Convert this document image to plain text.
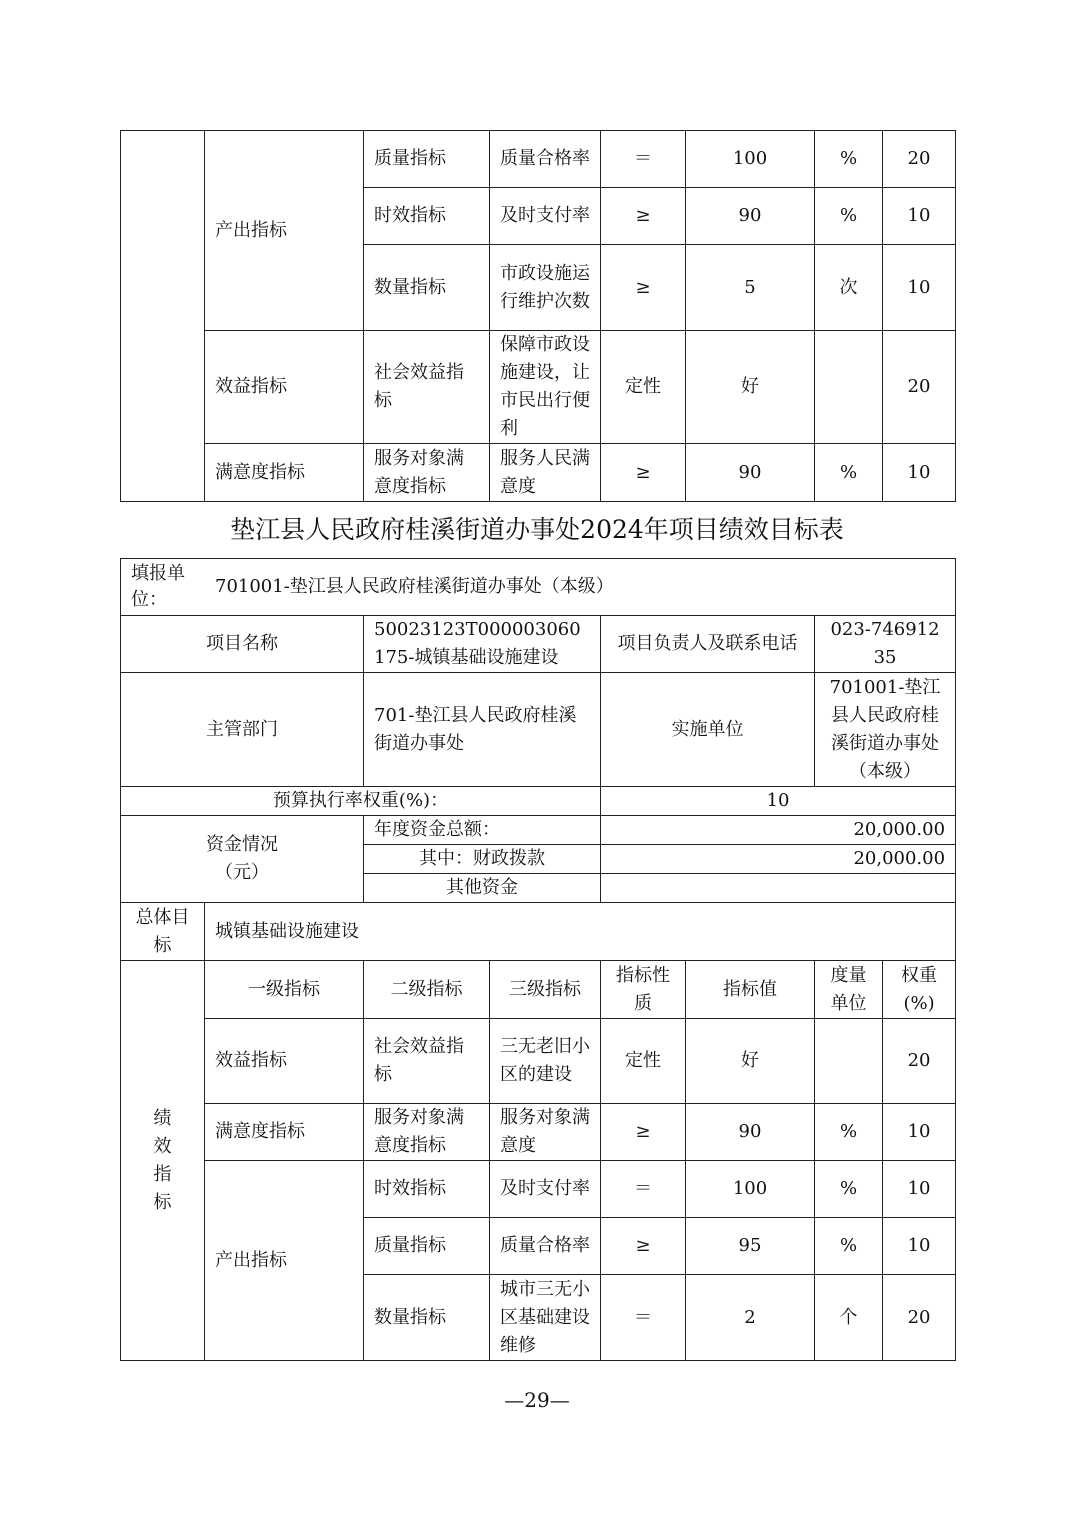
	产出指标	质量指标	质量合格率	＝	100	%	20
		时效指标	及时支付率	≥	90	%	10
		数量指标	市政设施运行维护次数	≥	5	次	10
	效益指标	社会效益指标	保障市政设施建设，让市民出行便利	定性	好		20
	满意度指标	服务对象满意度指标	服务人民满意度	≥	90	%	10
垫江县人民政府桂溪街道办事处2024年项目绩效目标表
填报单位：
701001-垫江县人民政府桂溪街道办事处（本级）							

项目名称		50023123T000003060175-城镇基础设施建设		项目负责人及联系电话		023-74691235	
主管部门		701-垫江县人民政府桂溪街道办事处		实施单位		701001-垫江县人民政府桂溪街道办事处（本级）	
预算执行率权重(%)：				10			

资金情况
（元）		年度资金总额：		20,000.00			
		其中：财政拨款		20,000.00			
		其他资金					
总体目标	城镇基础设施建设						

绩效指标	一级指标	二级指标	三级指标	指标性质	指标值	度量单位	权重(%)
	效益指标	社会效益指标	三无老旧小区的建设	定性	好		20
	满意度指标	服务对象满意度指标	服务对象满意度	≥	90	%	10
	产出指标	时效指标	及时支付率	＝	100	%	10
		质量指标	质量合格率	≥	95	%	10
		数量指标	城市三无小区基础建设维修	＝	2	个	20
—29—
